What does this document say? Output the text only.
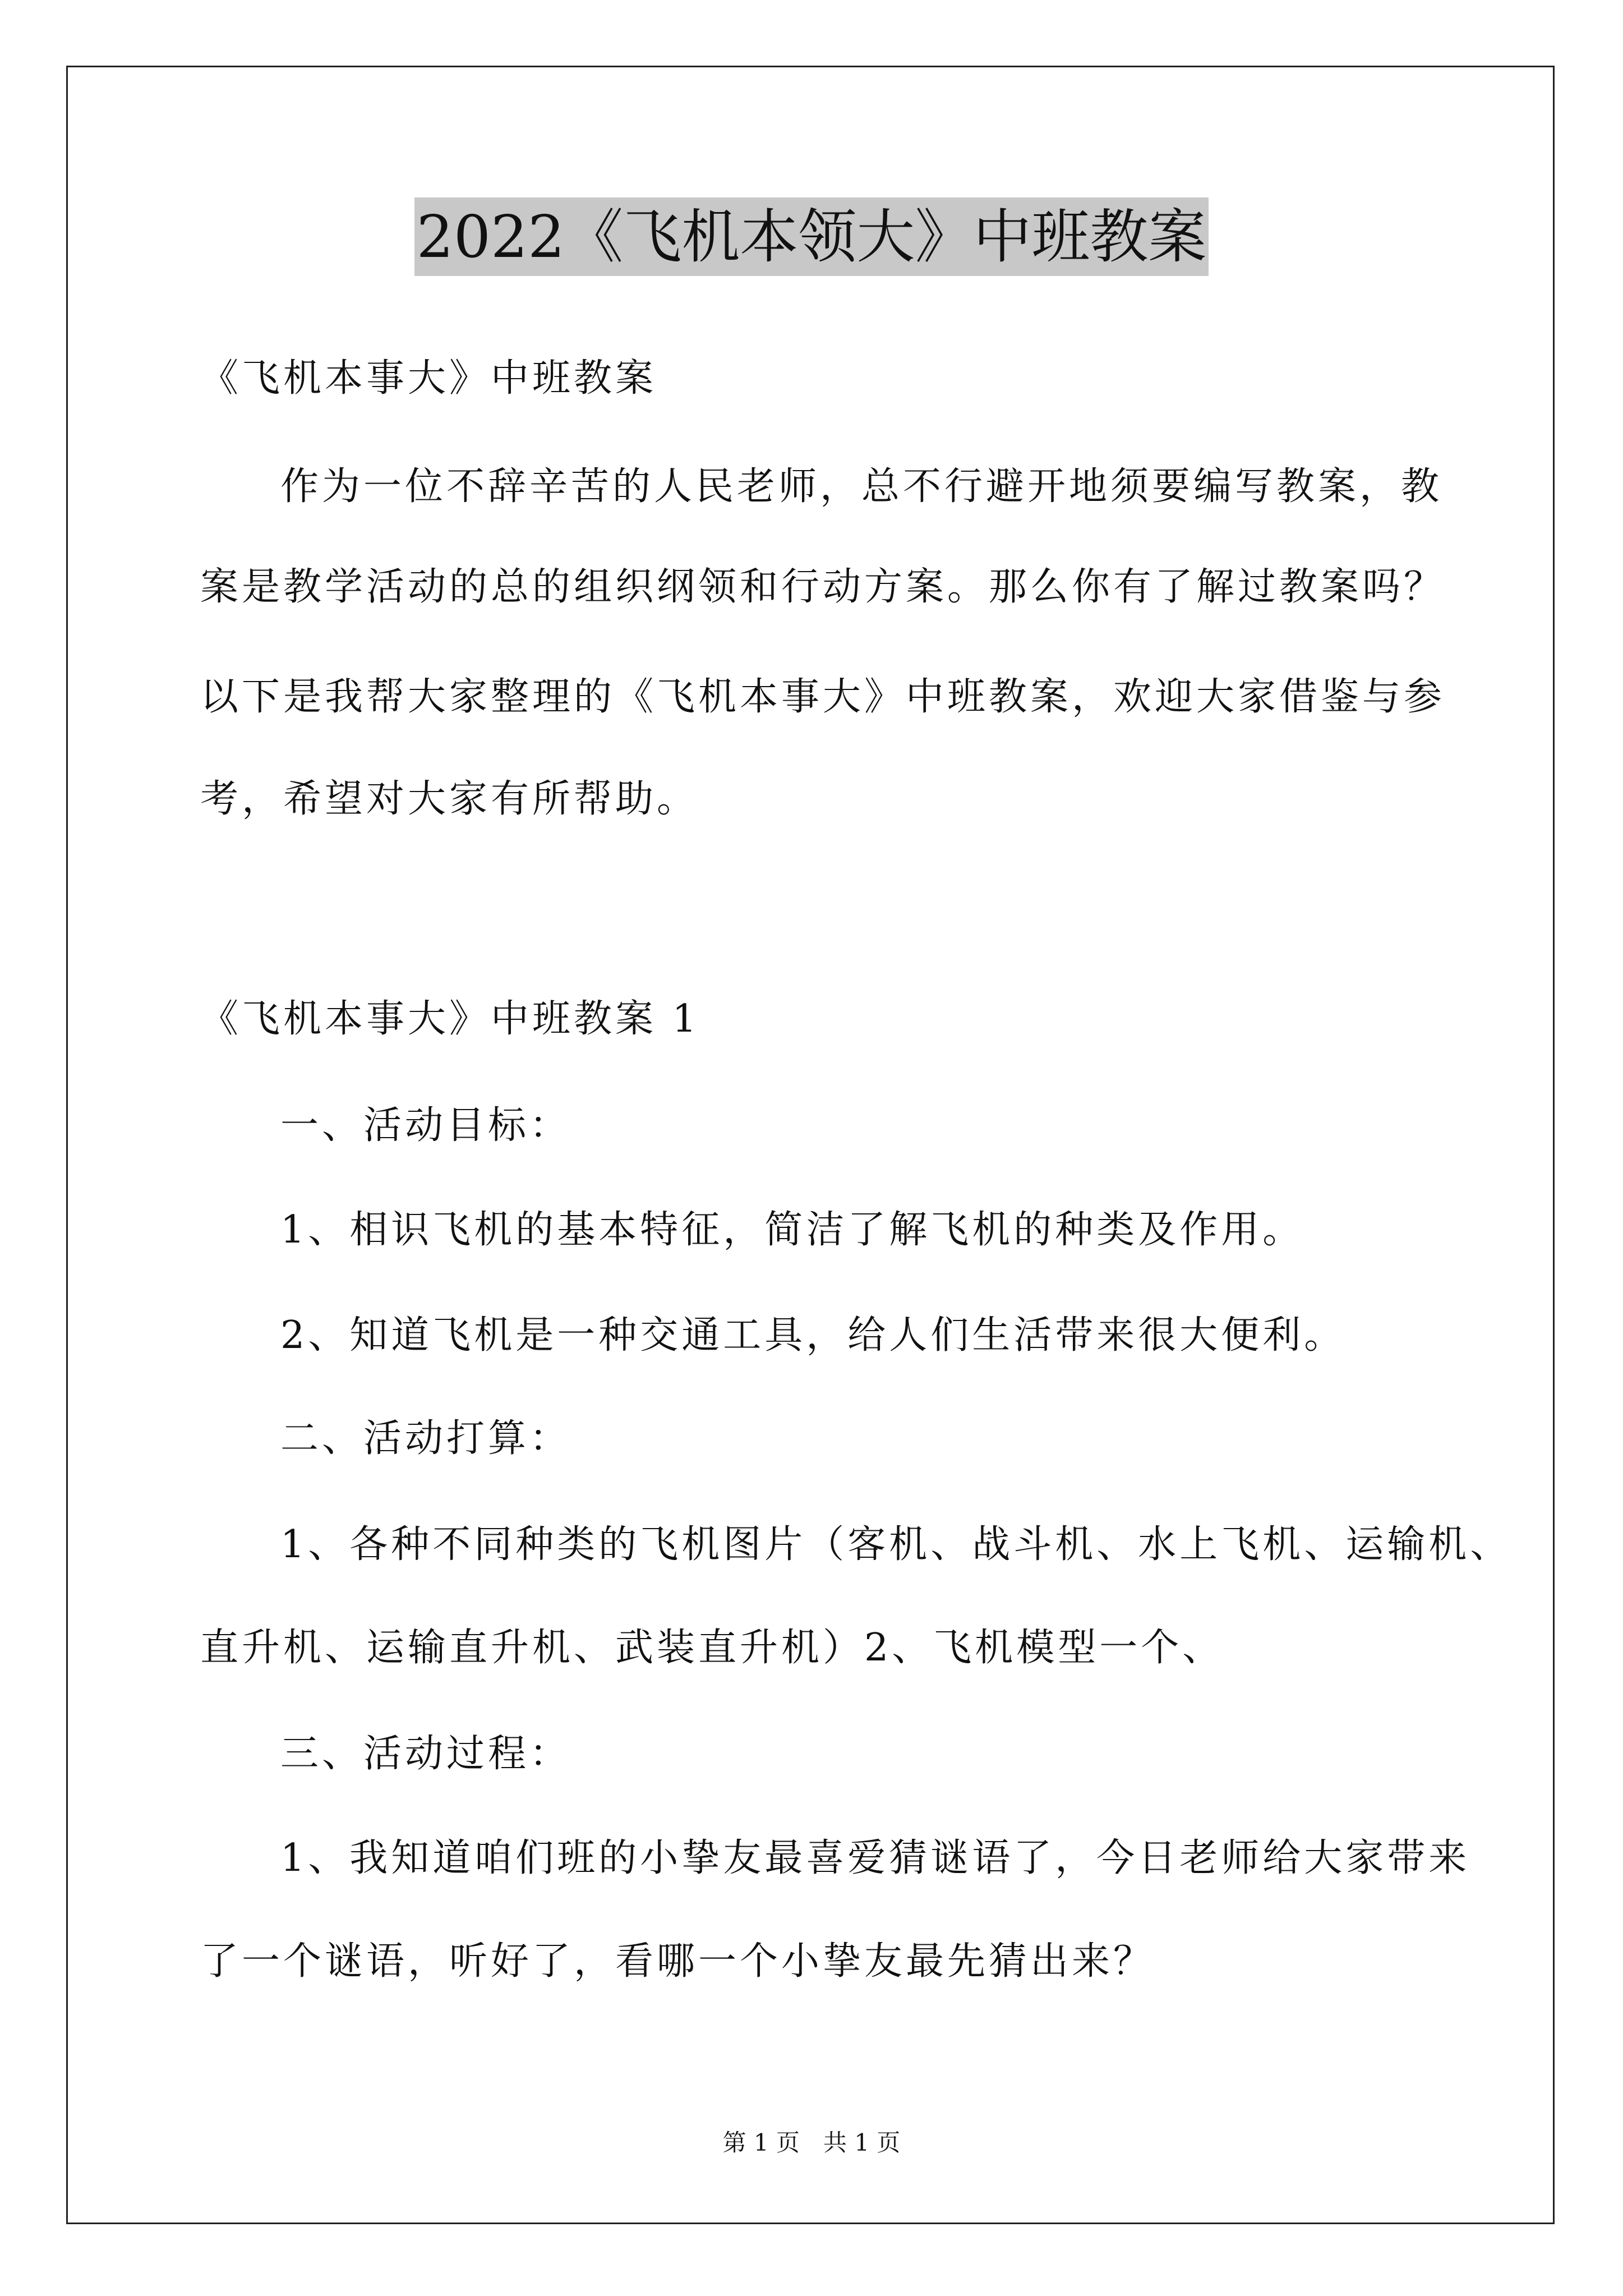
2022《飞机本领大》中班教案
《飞机本事大》中班教案
作为一位不辞辛苦的人民老师，总不行避开地须要编写教案，教
案是教学活动的总的组织纲领和行动方案。那么你有了解过教案吗？
以下是我帮大家整理的《飞机本事大》中班教案，欢迎大家借鉴与参
考，希望对大家有所帮助。
《飞机本事大》中班教案 1
一、活动目标：
1、相识飞机的基本特征，简洁了解飞机的种类及作用。
2、知道飞机是一种交通工具，给人们生活带来很大便利。
二、活动打算：
1、各种不同种类的飞机图片（客机、战斗机、水上飞机、运输机、
直升机、运输直升机、武装直升机）2、飞机模型一个、
三、活动过程：
1、我知道咱们班的小挚友最喜爱猜谜语了，今日老师给大家带来
了一个谜语，听好了，看哪一个小挚友最先猜出来？
第 1 页　共 1 页
